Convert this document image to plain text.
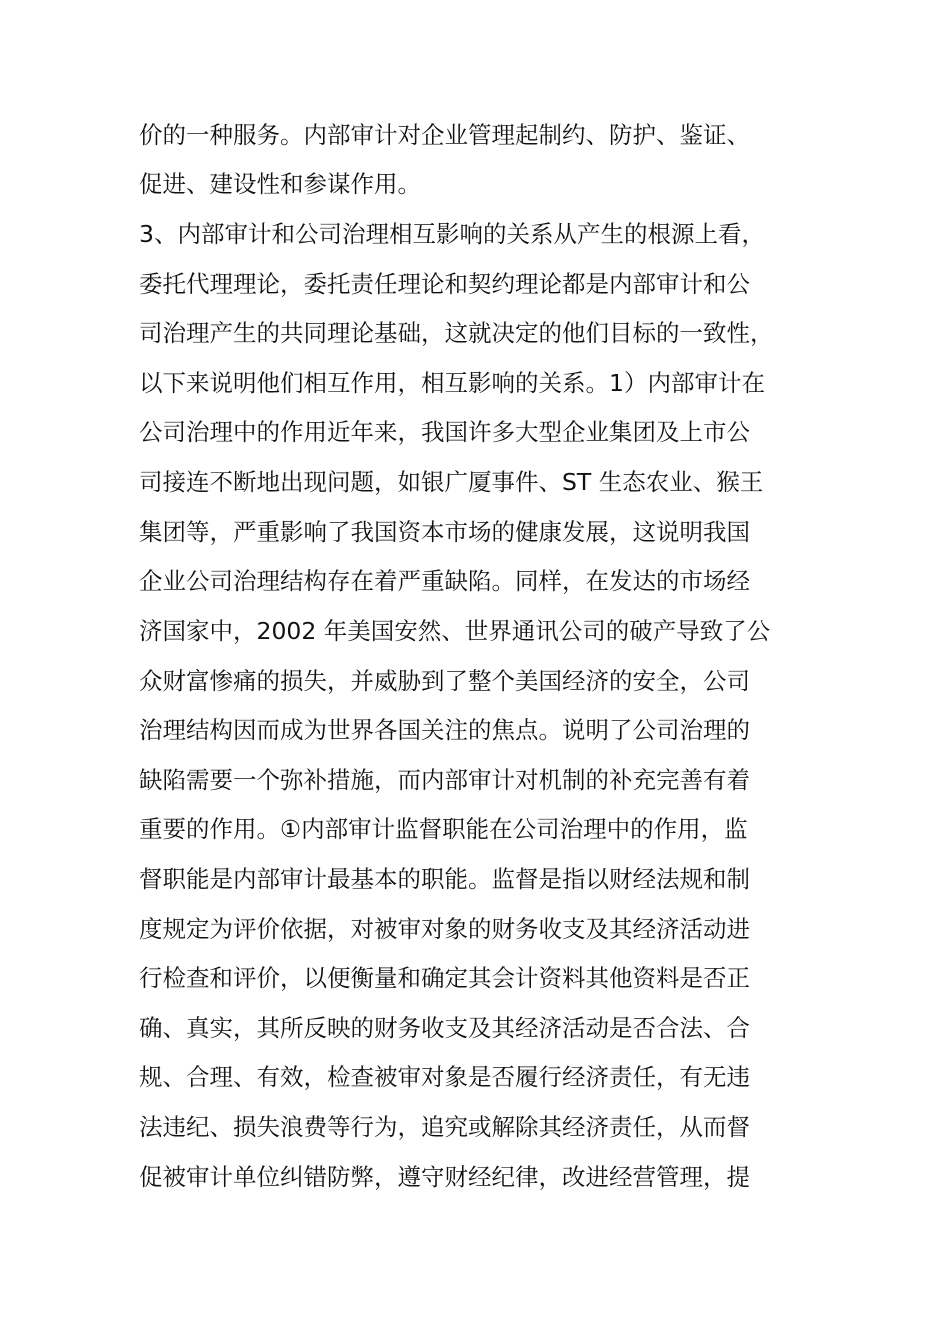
价的一种服务。内部审计对企业管理起制约、防护、鉴证、
促进、建设性和参谋作用。
3、内部审计和公司治理相互影响的关系从产生的根源上看，
委托代理理论，委托责任理论和契约理论都是内部审计和公
司治理产生的共同理论基础，这就决定的他们目标的一致性，
以下来说明他们相互作用，相互影响的关系。1）内部审计在
公司治理中的作用近年来，我国许多大型企业集团及上市公
司接连不断地出现问题，如银广厦事件、ST 生态农业、猴王
集团等，严重影响了我国资本市场的健康发展，这说明我国
企业公司治理结构存在着严重缺陷。同样，在发达的市场经
济国家中，2002 年美国安然、世界通讯公司的破产导致了公
众财富惨痛的损失，并威胁到了整个美国经济的安全，公司
治理结构因而成为世界各国关注的焦点。说明了公司治理的
缺陷需要一个弥补措施，而内部审计对机制的补充完善有着
重要的作用。①内部审计监督职能在公司治理中的作用，监
督职能是内部审计最基本的职能。监督是指以财经法规和制
度规定为评价依据，对被审对象的财务收支及其经济活动进
行检查和评价，以便衡量和确定其会计资料其他资料是否正
确、真实，其所反映的财务收支及其经济活动是否合法、合
规、合理、有效，检查被审对象是否履行经济责任，有无违
法违纪、损失浪费等行为，追究或解除其经济责任，从而督
促被审计单位纠错防弊，遵守财经纪律，改进经营管理，提
